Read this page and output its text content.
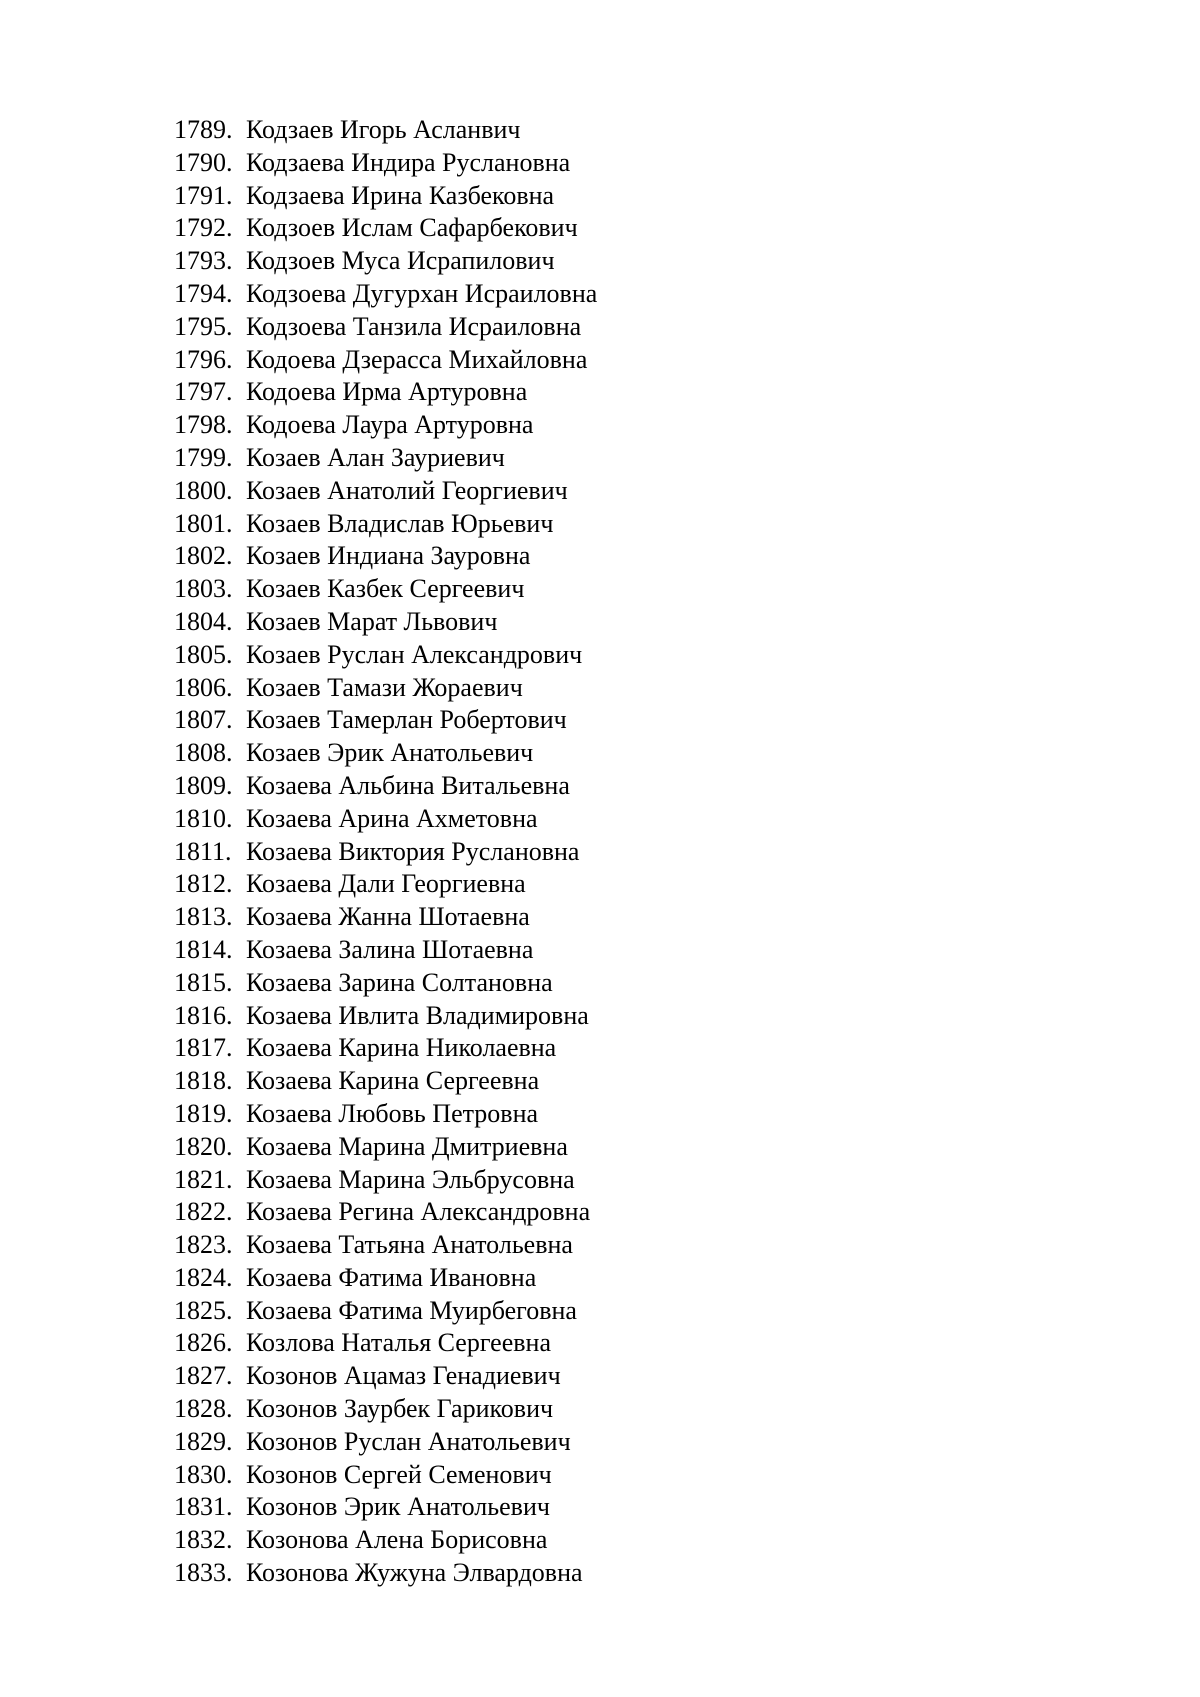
1789. Кодзаев Игорь Асланвич
1790. Кодзаева Индира Руслановна
1791. Кодзаева Ирина Казбековна
1792. Кодзоев Ислам Сафарбекович
1793. Кодзоев Муса Исрапилович
1794. Кодзоева Дугурхан Исраиловна
1795. Кодзоева Танзила Исраиловна
1796. Кодоева Дзерасса Михайловна
1797. Кодоева Ирма Артуровна
1798. Кодоева Лаура Артуровна
1799. Козаев Алан Зауриевич
1800. Козаев Анатолий Георгиевич
1801. Козаев Владислав Юрьевич
1802. Козаев Индиана Зауровна
1803. Козаев Казбек Сергеевич
1804. Козаев Марат Львович
1805. Козаев Руслан Александрович
1806. Козаев Тамази Жораевич
1807. Козаев Тамерлан Робертович
1808. Козаев Эрик Анатольевич
1809. Козаева Альбина Витальевна
1810. Козаева Арина Ахметовна
1811. Козаева Виктория Руслановна
1812. Козаева Дали Георгиевна
1813. Козаева Жанна Шотаевна
1814. Козаева Залина Шотаевна
1815. Козаева Зарина Солтановна
1816. Козаева Ивлита Владимировна
1817. Козаева Карина Николаевна
1818. Козаева Карина Сергеевна
1819. Козаева Любовь Петровна
1820. Козаева Марина Дмитриевна
1821. Козаева Марина Эльбрусовна
1822. Козаева Регина Александровна
1823. Козаева Татьяна Анатольевна
1824. Козаева Фатима Ивановна
1825. Козаева Фатима Муирбеговна
1826. Козлова Наталья Сергеевна
1827. Козонов Ацамаз Генадиевич
1828. Козонов Заурбек Гарикович
1829. Козонов Руслан Анатольевич
1830. Козонов Сергей Семенович
1831. Козонов Эрик Анатольевич
1832. Козонова Алена Борисовна
1833. Козонова Жужуна Элвардовна
